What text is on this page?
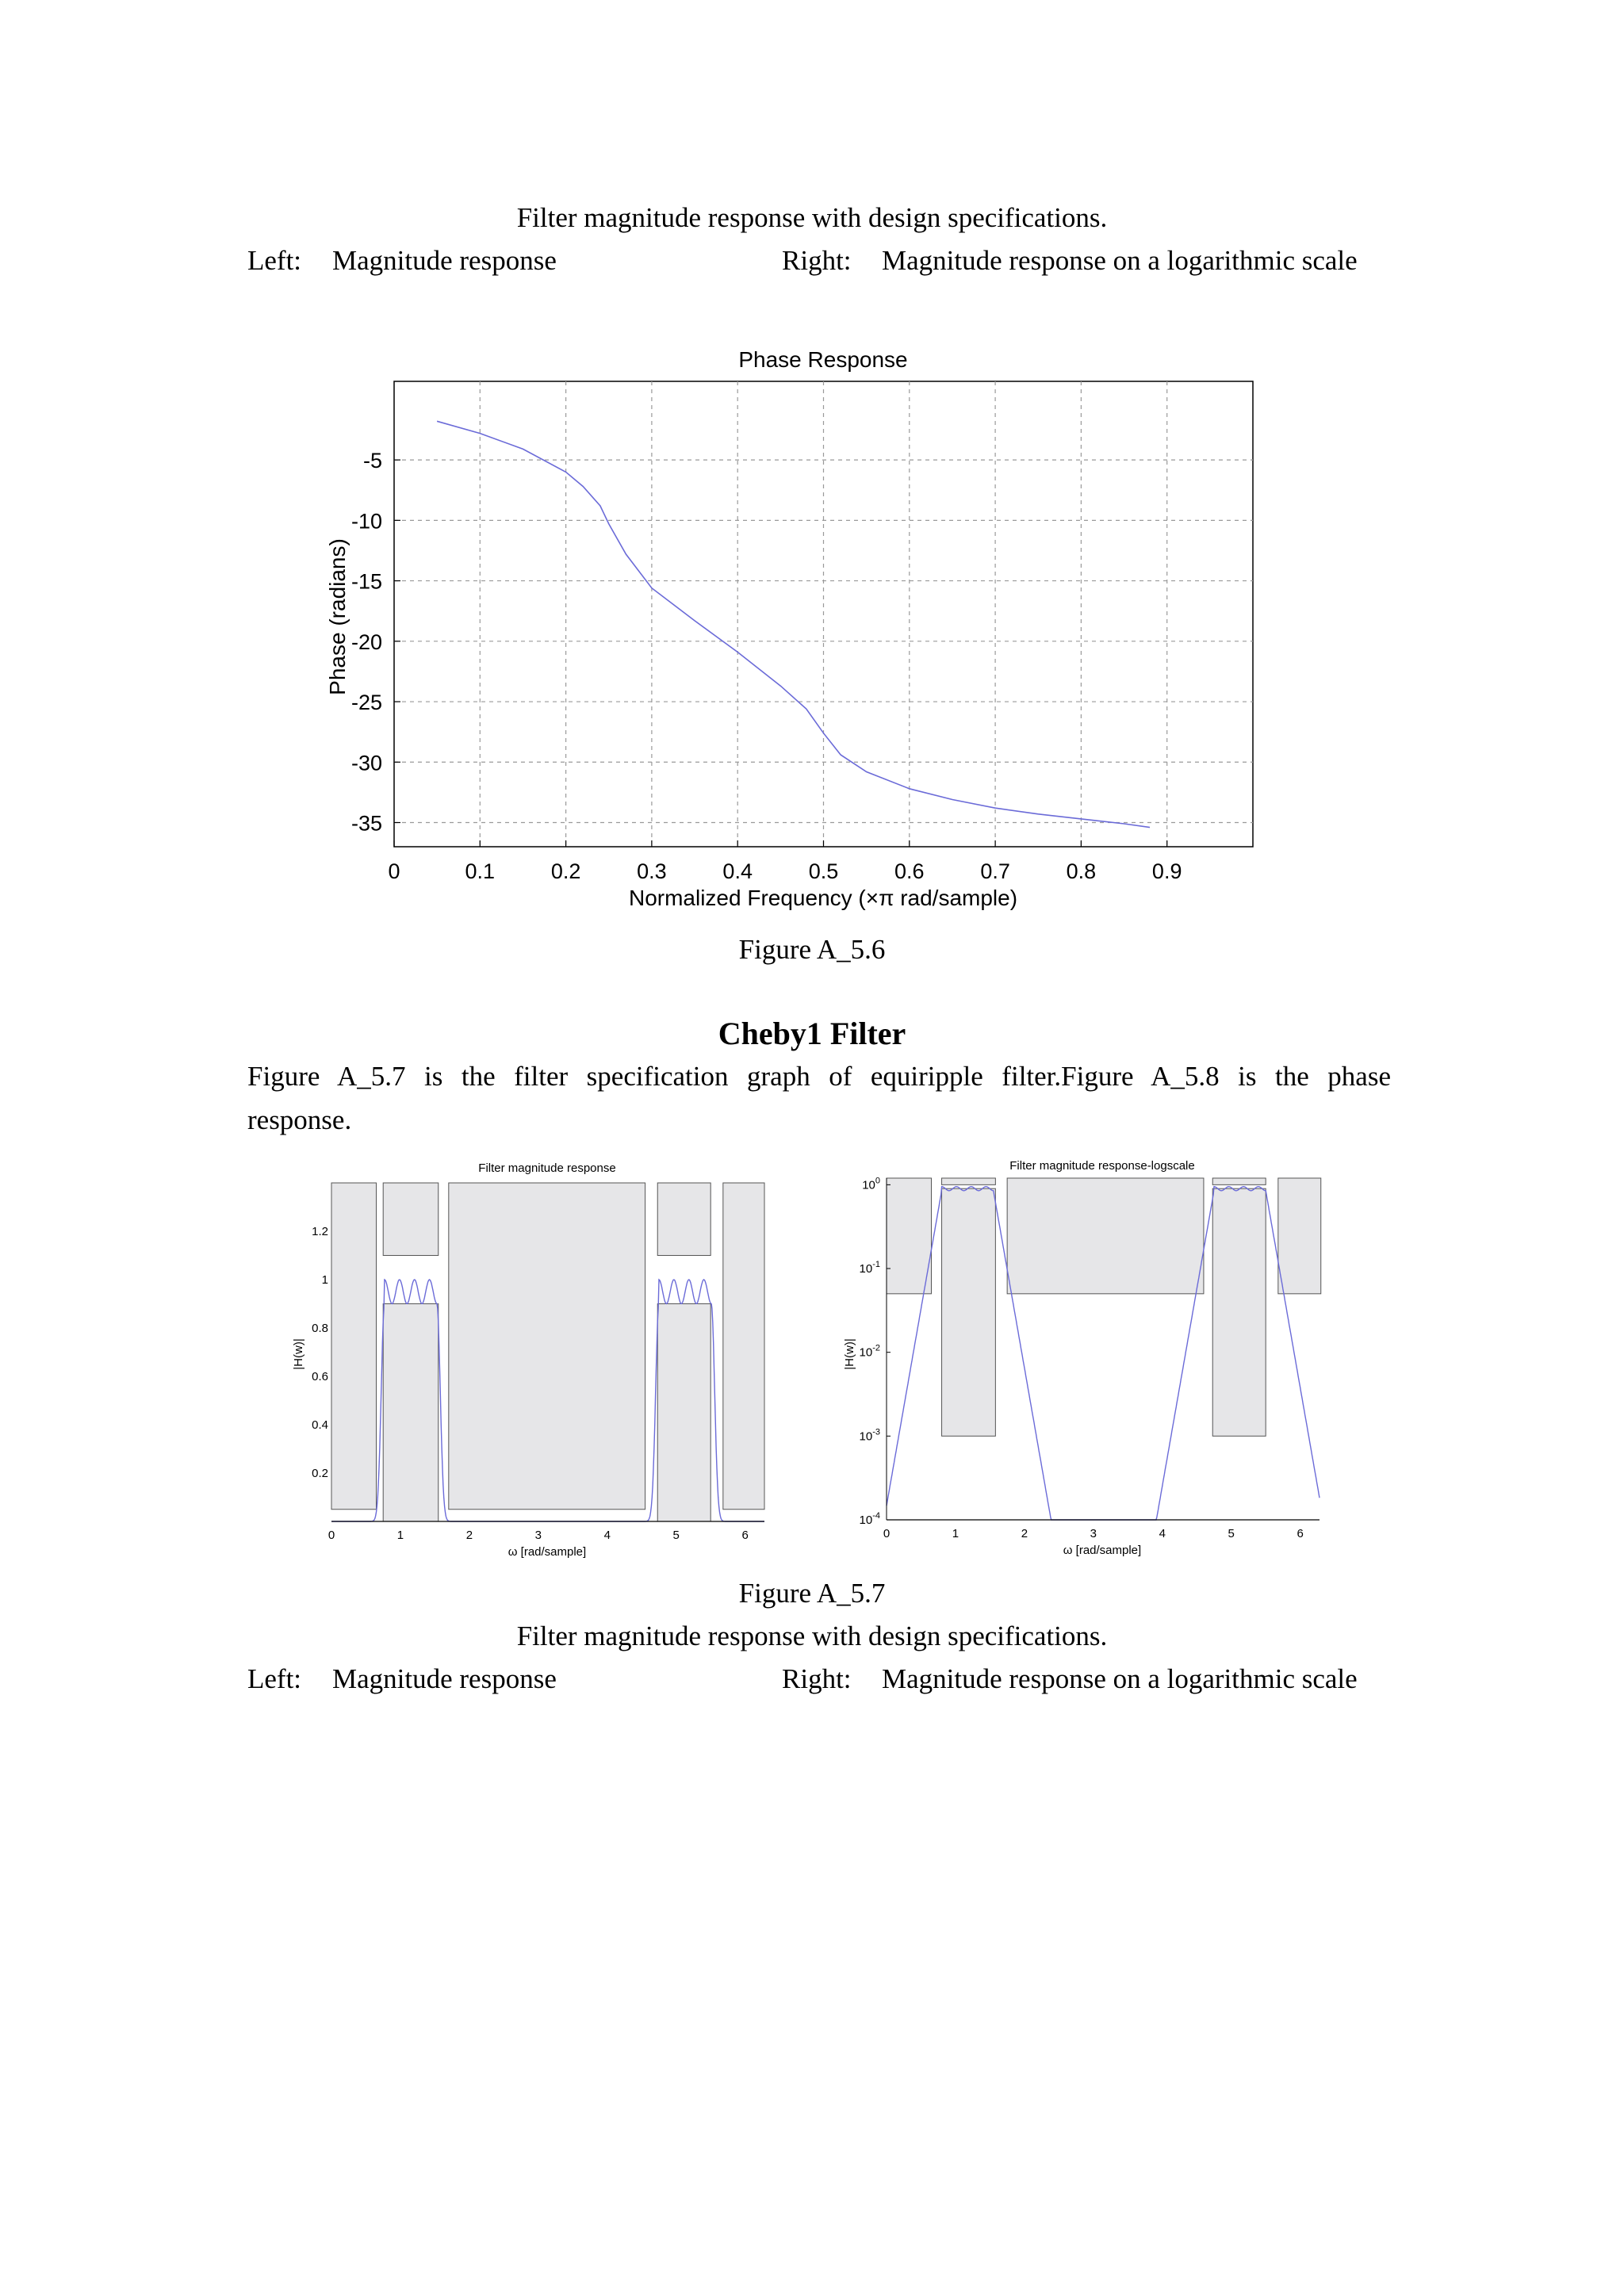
Filter magnitude response with design specifications.
Left: Magnitude response	Right: Magnitude response on a logarithmic scale
Phase Response
0	0.1	0.2	0.3	0.4	0.5	0.6	0.7	0.8	0.9
-5
-10
-15
-20
-25
-30
-35
Normalized Frequency (×π rad/sample)
Phase (radians)
Figure A_5.6
Cheby1 Filter
Figure A_5.7 is the filter specification graph of equiripple filter.Figure A_5.8 is the phase
response.
Filter magnitude response
0	1	2	3	4	5	6
0.2
0.4
0.6
0.8
1
1.2
ω [rad/sample]
|H(w)|
Filter magnitude response-logscale
0	1	2	3	4	5	6
$10^{-4}$
$10^{-3}$
$10^{-2}$
$10^{-1}$
$10^0$
ω [rad/sample]
|H(w)|
Figure A_5.7
Filter magnitude response with design specifications.
Left: Magnitude response	Right: Magnitude response on a logarithmic scale
